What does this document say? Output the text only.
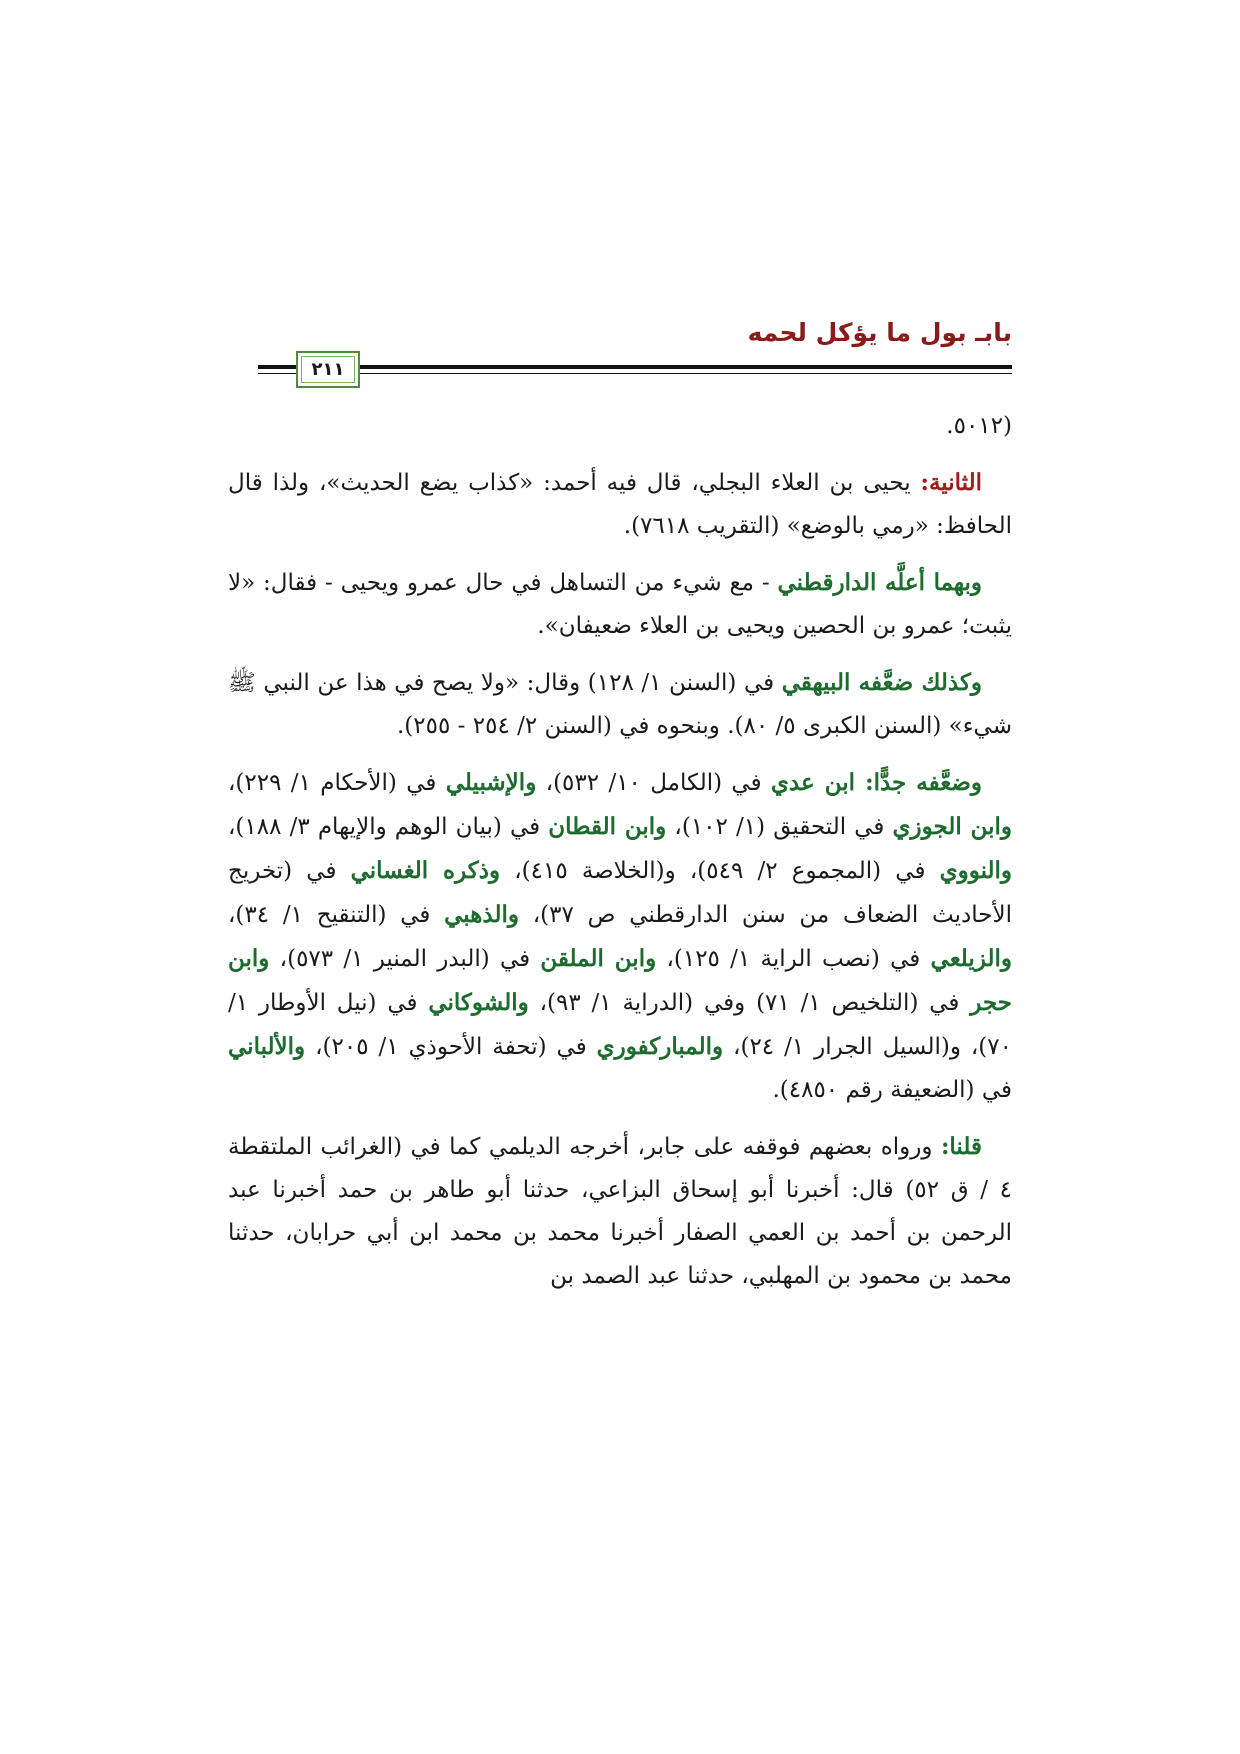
بابـ بول ما يؤكل لحمه
٢١١

(٥٠١٢.

الثانية: يحيى بن العلاء البجلي، قال فيه أحمد: «كذاب يضع الحديث»، ولذا قال الحافظ: «رمي بالوضع» (التقريب ٧٦١٨).

وبهما أعلَّه الدارقطني - مع شيء من التساهل في حال عمرو ويحيى - فقال: «لا يثبت؛ عمرو بن الحصين ويحيى بن العلاء ضعيفان».

وكذلك ضعَّفه البيهقي في (السنن ١/ ١٢٨) وقال: «ولا يصح في هذا عن النبي ﷺ شيء» (السنن الكبرى ٥/ ٨٠). وبنحوه في (السنن ٢/ ٢٥٤ - ٢٥٥).

وضعَّفه جدًّا: ابن عدي في (الكامل ١٠/ ٥٣٢)، والإشبيلي في (الأحكام ١/ ٢٢٩)، وابن الجوزي في التحقيق (١/ ١٠٢)، وابن القطان في (بيان الوهم والإيهام ٣/ ١٨٨)، والنووي في (المجموع ٢/ ٥٤٩)، و(الخلاصة ٤١٥)، وذكره الغساني في (تخريج الأحاديث الضعاف من سنن الدارقطني ص ٣٧)، والذهبي في (التنقيح ١/ ٣٤)، والزيلعي في (نصب الراية ١/ ١٢٥)، وابن الملقن في (البدر المنير ١/ ٥٧٣)، وابن حجر في (التلخيص ١/ ٧١) وفي (الدراية ١/ ٩٣)، والشوكاني في (نيل الأوطار ١/ ٧٠)، و(السيل الجرار ١/ ٢٤)، والمباركفوري في (تحفة الأحوذي ١/ ٢٠٥)، والألباني في (الضعيفة رقم ٤٨٥٠).

قلنا: ورواه بعضهم فوقفه على جابر، أخرجه الديلمي كما في (الغرائب الملتقطة ٤ / ق ٥٢) قال: أخبرنا أبو إسحاق البزاعي، حدثنا أبو طاهر بن حمد أخبرنا عبد الرحمن بن أحمد بن العمي الصفار أخبرنا محمد بن محمد ابن أبي حرابان، حدثنا محمد بن محمود بن المهلبي، حدثنا عبد الصمد بن
